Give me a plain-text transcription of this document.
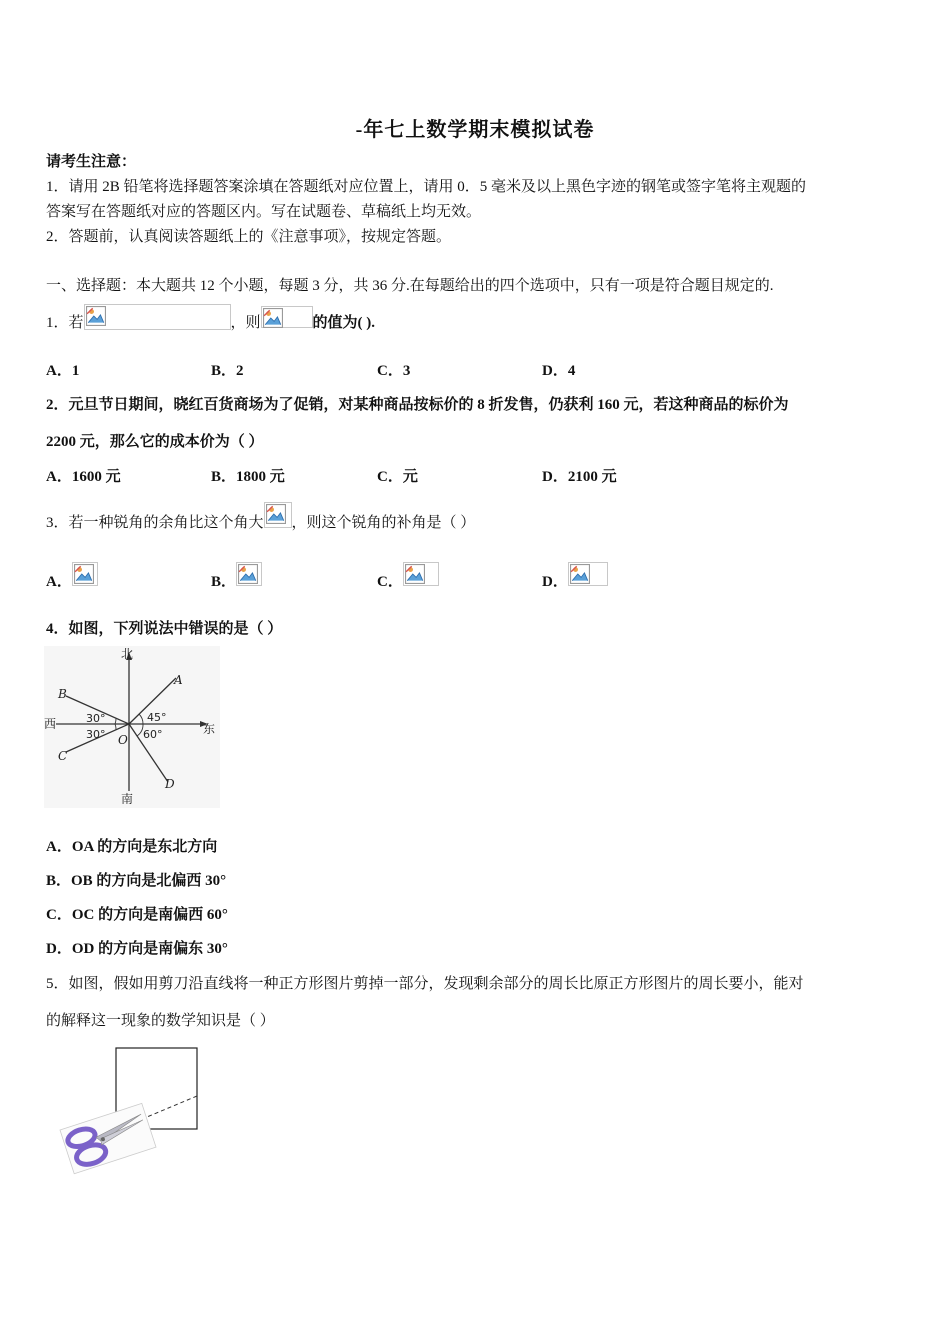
-年七上数学期末模拟试卷
请考生注意：
1．请用 2B 铅笔将选择题答案涂填在答题纸对应位置上，请用 0．5 毫米及以上黑色字迹的钢笔或签字笔将主观题的
答案写在答题纸对应的答题区内。写在试题卷、草稿纸上均无效。
2．答题前，认真阅读答题纸上的《注意事项》，按规定答题。
一、选择题：本大题共 12 个小题，每题 3 分，共 36 分.在每题给出的四个选项中，只有一项是符合题目规定的.
1．若	，则	的值为( ).
A．1	B．2	C．3	D．4
2．元旦节日期间，晓红百货商场为了促销，对某种商品按标价的 8 折发售，仍获利 160 元，若这种商品的标价为
2200 元，那么它的成本价为（ ）
A．1600 元	B．1800 元	C．元	D．2100 元
3．若一种锐角的余角比这个角大 ，则这个锐角的补角是（ ）
A．	B．	C．	D．
4．如图，下列说法中错误的是（ ）
北
南
东
西
A
B
C
D
O
30°
30°
45°
60°
A．OA 的方向是东北方向
B．OB 的方向是北偏西 30°
C．OC 的方向是南偏西 60°
D．OD 的方向是南偏东 30°
5．如图，假如用剪刀沿直线将一种正方形图片剪掉一部分，发现剩余部分的周长比原正方形图片的周长要小，能对
的解释这一现象的数学知识是（ ）
